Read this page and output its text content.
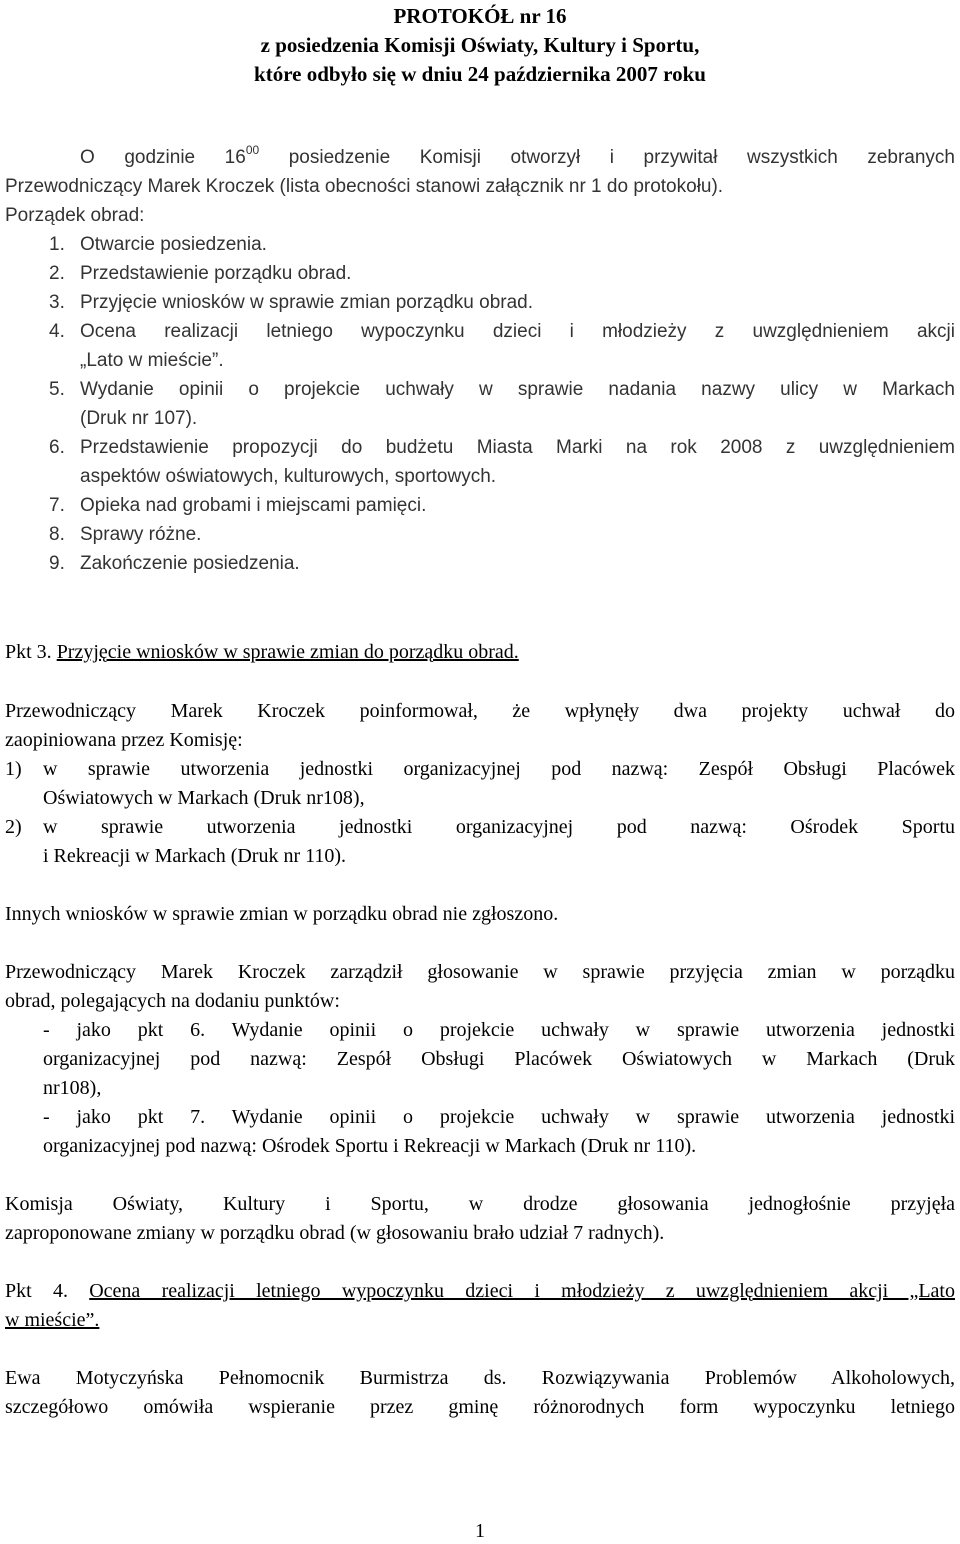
PROTOKÓŁ nr 16
z posiedzenia Komisji Oświaty, Kultury i Sportu,
które odbyło się w dniu 24 października 2007 roku
O godzinie $16^{00}$ posiedzenie Komisji otworzył i przywitał wszystkich zebranych
Przewodniczący Marek Kroczek (lista obecności stanowi załącznik nr 1 do protokołu).
Porządek obrad:
1. Otwarcie posiedzenia.
2. Przedstawienie porządku obrad.
3. Przyjęcie wniosków w sprawie zmian porządku obrad.
4. Ocena realizacji letniego wypoczynku dzieci i młodzieży z uwzględnieniem akcji
„Lato w mieście”.
5. Wydanie opinii o projekcie uchwały w sprawie nadania nazwy ulicy w Markach
(Druk nr 107).
6. Przedstawienie propozycji do budżetu Miasta Marki na rok 2008 z uwzględnieniem
aspektów oświatowych, kulturowych, sportowych.
7. Opieka nad grobami i miejscami pamięci.
8. Sprawy różne.
9. Zakończenie posiedzenia.
Pkt 3. Przyjęcie wniosków w sprawie zmian do porządku obrad.
Przewodniczący Marek Kroczek poinformował, że wpłynęły dwa projekty uchwał do
zaopiniowana przez Komisję:
1) w sprawie utworzenia jednostki organizacyjnej pod nazwą: Zespół Obsługi Placówek
Oświatowych w Markach (Druk nr108),
2) w sprawie utworzenia jednostki organizacyjnej pod nazwą: Ośrodek Sportu
i Rekreacji w Markach (Druk nr 110).
Innych wniosków w sprawie zmian w porządku obrad nie zgłoszono.
Przewodniczący Marek Kroczek zarządził głosowanie w sprawie przyjęcia zmian w porządku
obrad, polegających na dodaniu punktów:
- jako pkt 6. Wydanie opinii o projekcie uchwały w sprawie utworzenia jednostki
organizacyjnej pod nazwą: Zespół Obsługi Placówek Oświatowych w Markach (Druk
nr108),
- jako pkt 7. Wydanie opinii o projekcie uchwały w sprawie utworzenia jednostki
organizacyjnej pod nazwą: Ośrodek Sportu i Rekreacji w Markach (Druk nr 110).
Komisja Oświaty, Kultury i Sportu, w drodze głosowania jednogłośnie przyjęła
zaproponowane zmiany w porządku obrad (w głosowaniu brało udział 7 radnych).
Pkt 4. Ocena realizacji letniego wypoczynku dzieci i młodzieży z uwzględnieniem akcji „Lato
w mieście”.
Ewa Motyczyńska Pełnomocnik Burmistrza ds. Rozwiązywania Problemów Alkoholowych,
szczegółowo omówiła wspieranie przez gminę różnorodnych form wypoczynku letniego
1
